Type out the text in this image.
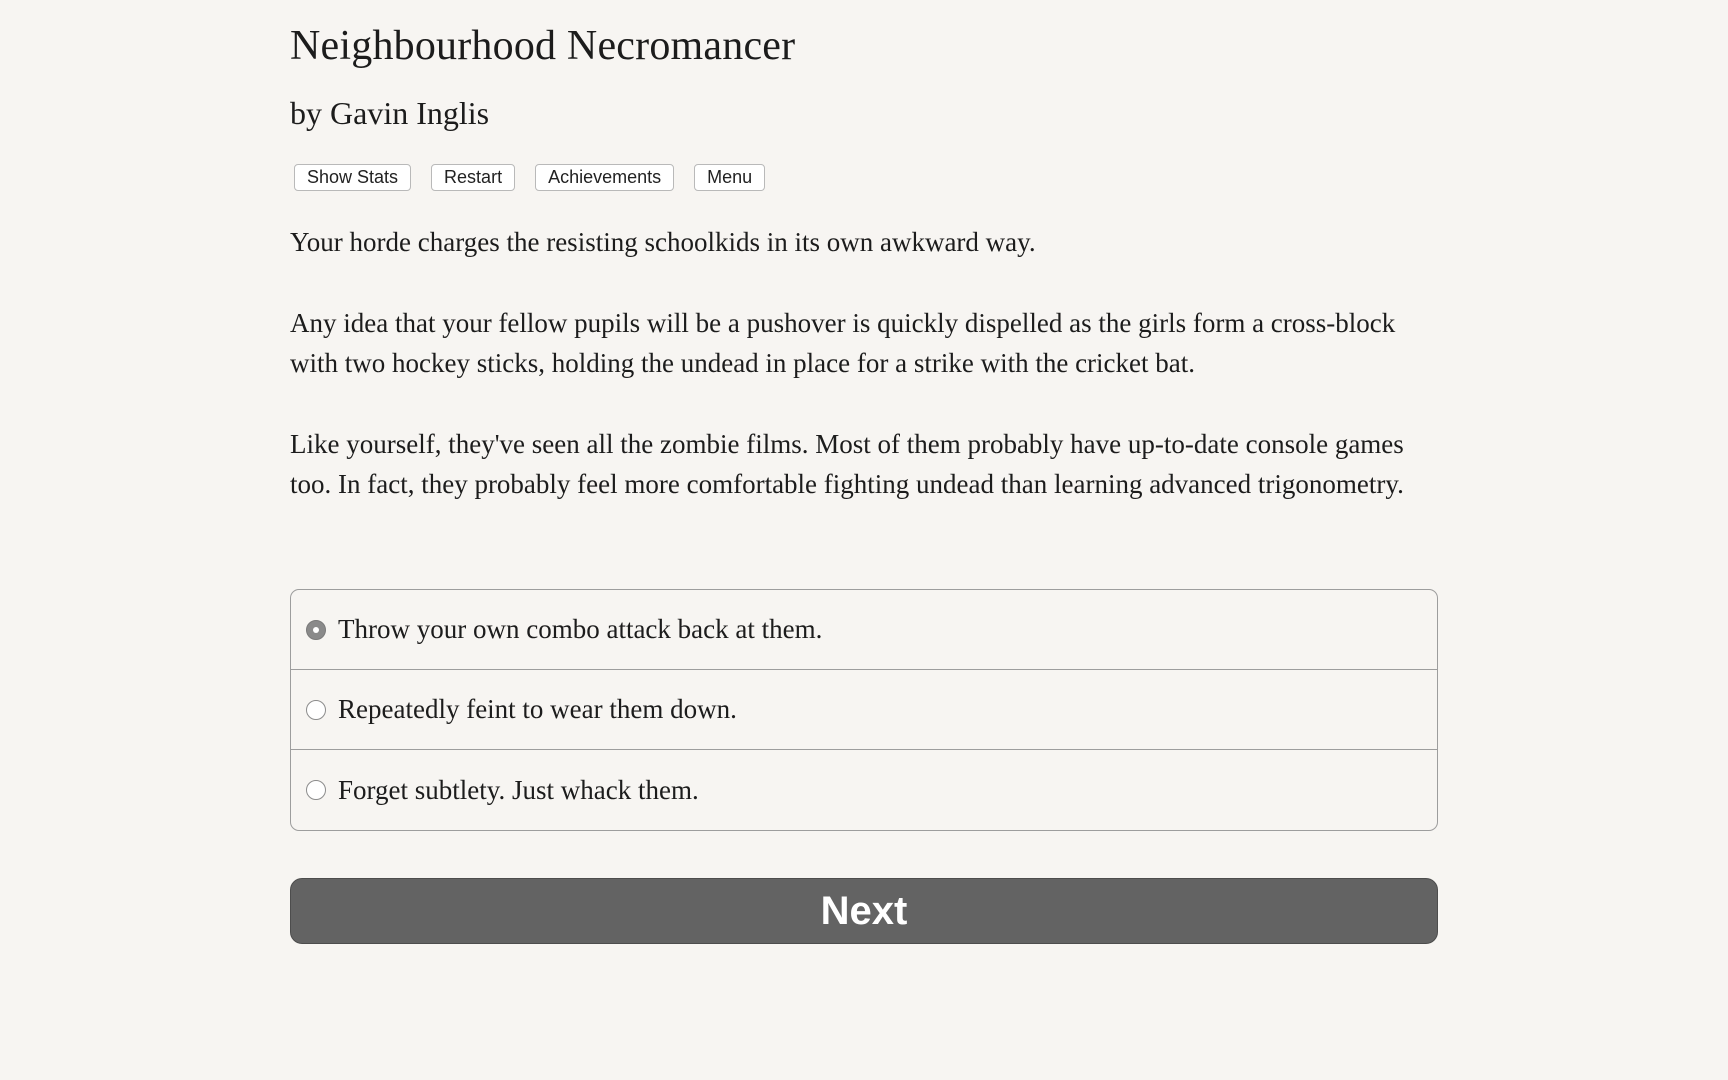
Neighbourhood Necromancer
by Gavin Inglis
Show Stats	Restart	Achievements	Menu

Your horde charges the resisting schoolkids in its own awkward way.

Any idea that your fellow pupils will be a pushover is quickly dispelled as the girls form a cross-block with two hockey sticks, holding the undead in place for a strike with the cricket bat.

Like yourself, they've seen all the zombie films. Most of them probably have up-to-date console games too. In fact, they probably feel more comfortable fighting undead than learning advanced trigonometry.

Throw your own combo attack back at them.
Repeatedly feint to wear them down.
Forget subtlety. Just whack them.
Next
